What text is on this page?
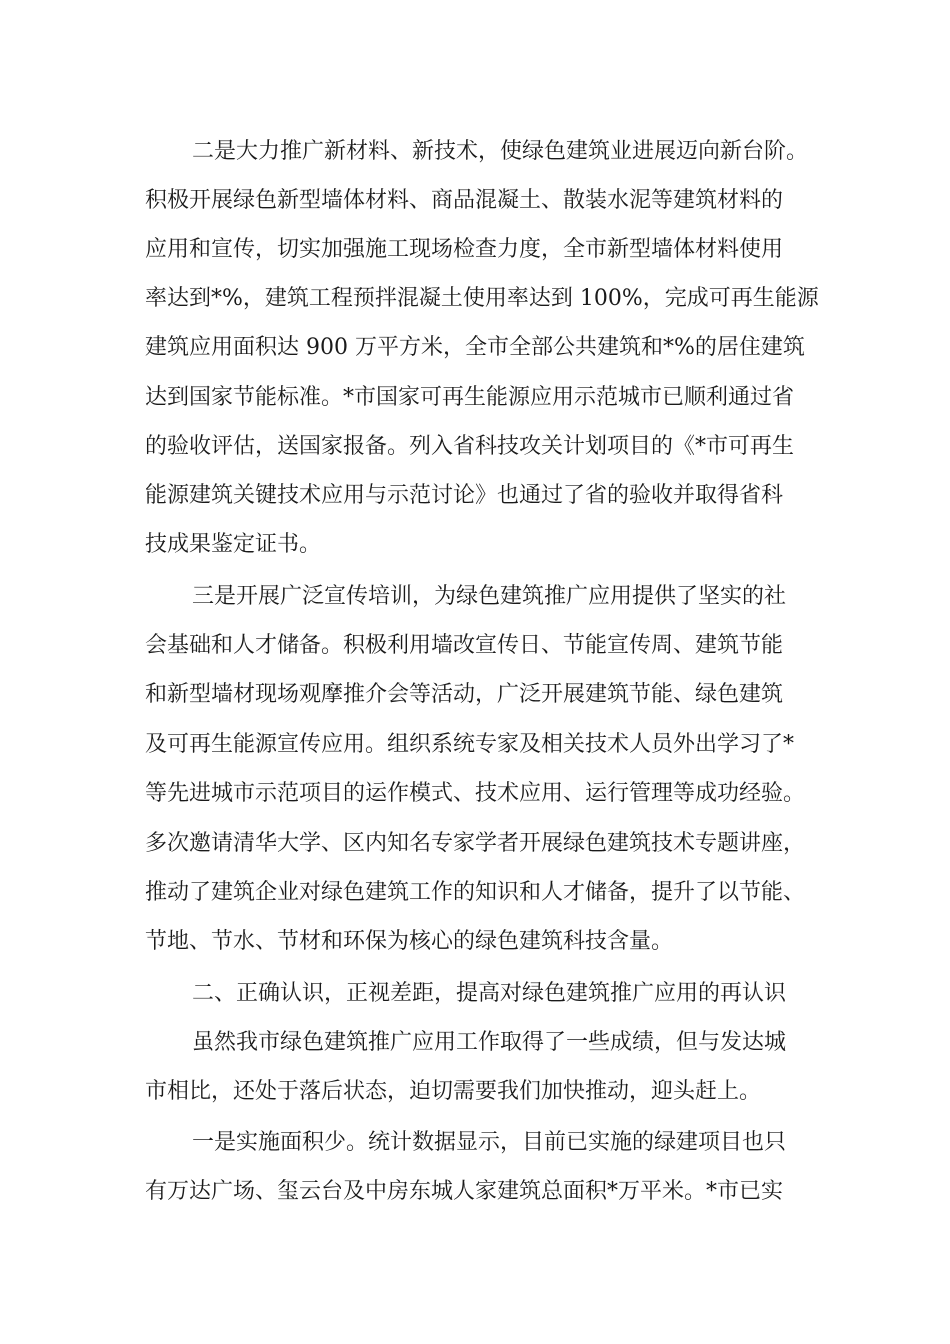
二是大力推广新材料、新技术，使绿色建筑业进展迈向新台阶。
积极开展绿色新型墙体材料、商品混凝土、散装水泥等建筑材料的
应用和宣传，切实加强施工现场检查力度，全市新型墙体材料使用
率达到*%，建筑工程预拌混凝土使用率达到 100%，完成可再生能源
建筑应用面积达 900 万平方米，全市全部公共建筑和*%的居住建筑
达到国家节能标准。*市国家可再生能源应用示范城市已顺利通过省
的验收评估，送国家报备。列入省科技攻关计划项目的《*市可再生
能源建筑关键技术应用与示范讨论》也通过了省的验收并取得省科
技成果鉴定证书。
三是开展广泛宣传培训，为绿色建筑推广应用提供了坚实的社
会基础和人才储备。积极利用墙改宣传日、节能宣传周、建筑节能
和新型墙材现场观摩推介会等活动，广泛开展建筑节能、绿色建筑
及可再生能源宣传应用。组织系统专家及相关技术人员外出学习了*
等先进城市示范项目的运作模式、技术应用、运行管理等成功经验。
多次邀请清华大学、区内知名专家学者开展绿色建筑技术专题讲座，
推动了建筑企业对绿色建筑工作的知识和人才储备，提升了以节能、
节地、节水、节材和环保为核心的绿色建筑科技含量。
二、正确认识，正视差距，提高对绿色建筑推广应用的再认识
虽然我市绿色建筑推广应用工作取得了一些成绩，但与发达城
市相比，还处于落后状态，迫切需要我们加快推动，迎头赶上。
一是实施面积少。统计数据显示，目前已实施的绿建项目也只
有万达广场、玺云台及中房东城人家建筑总面积*万平米。*市已实
